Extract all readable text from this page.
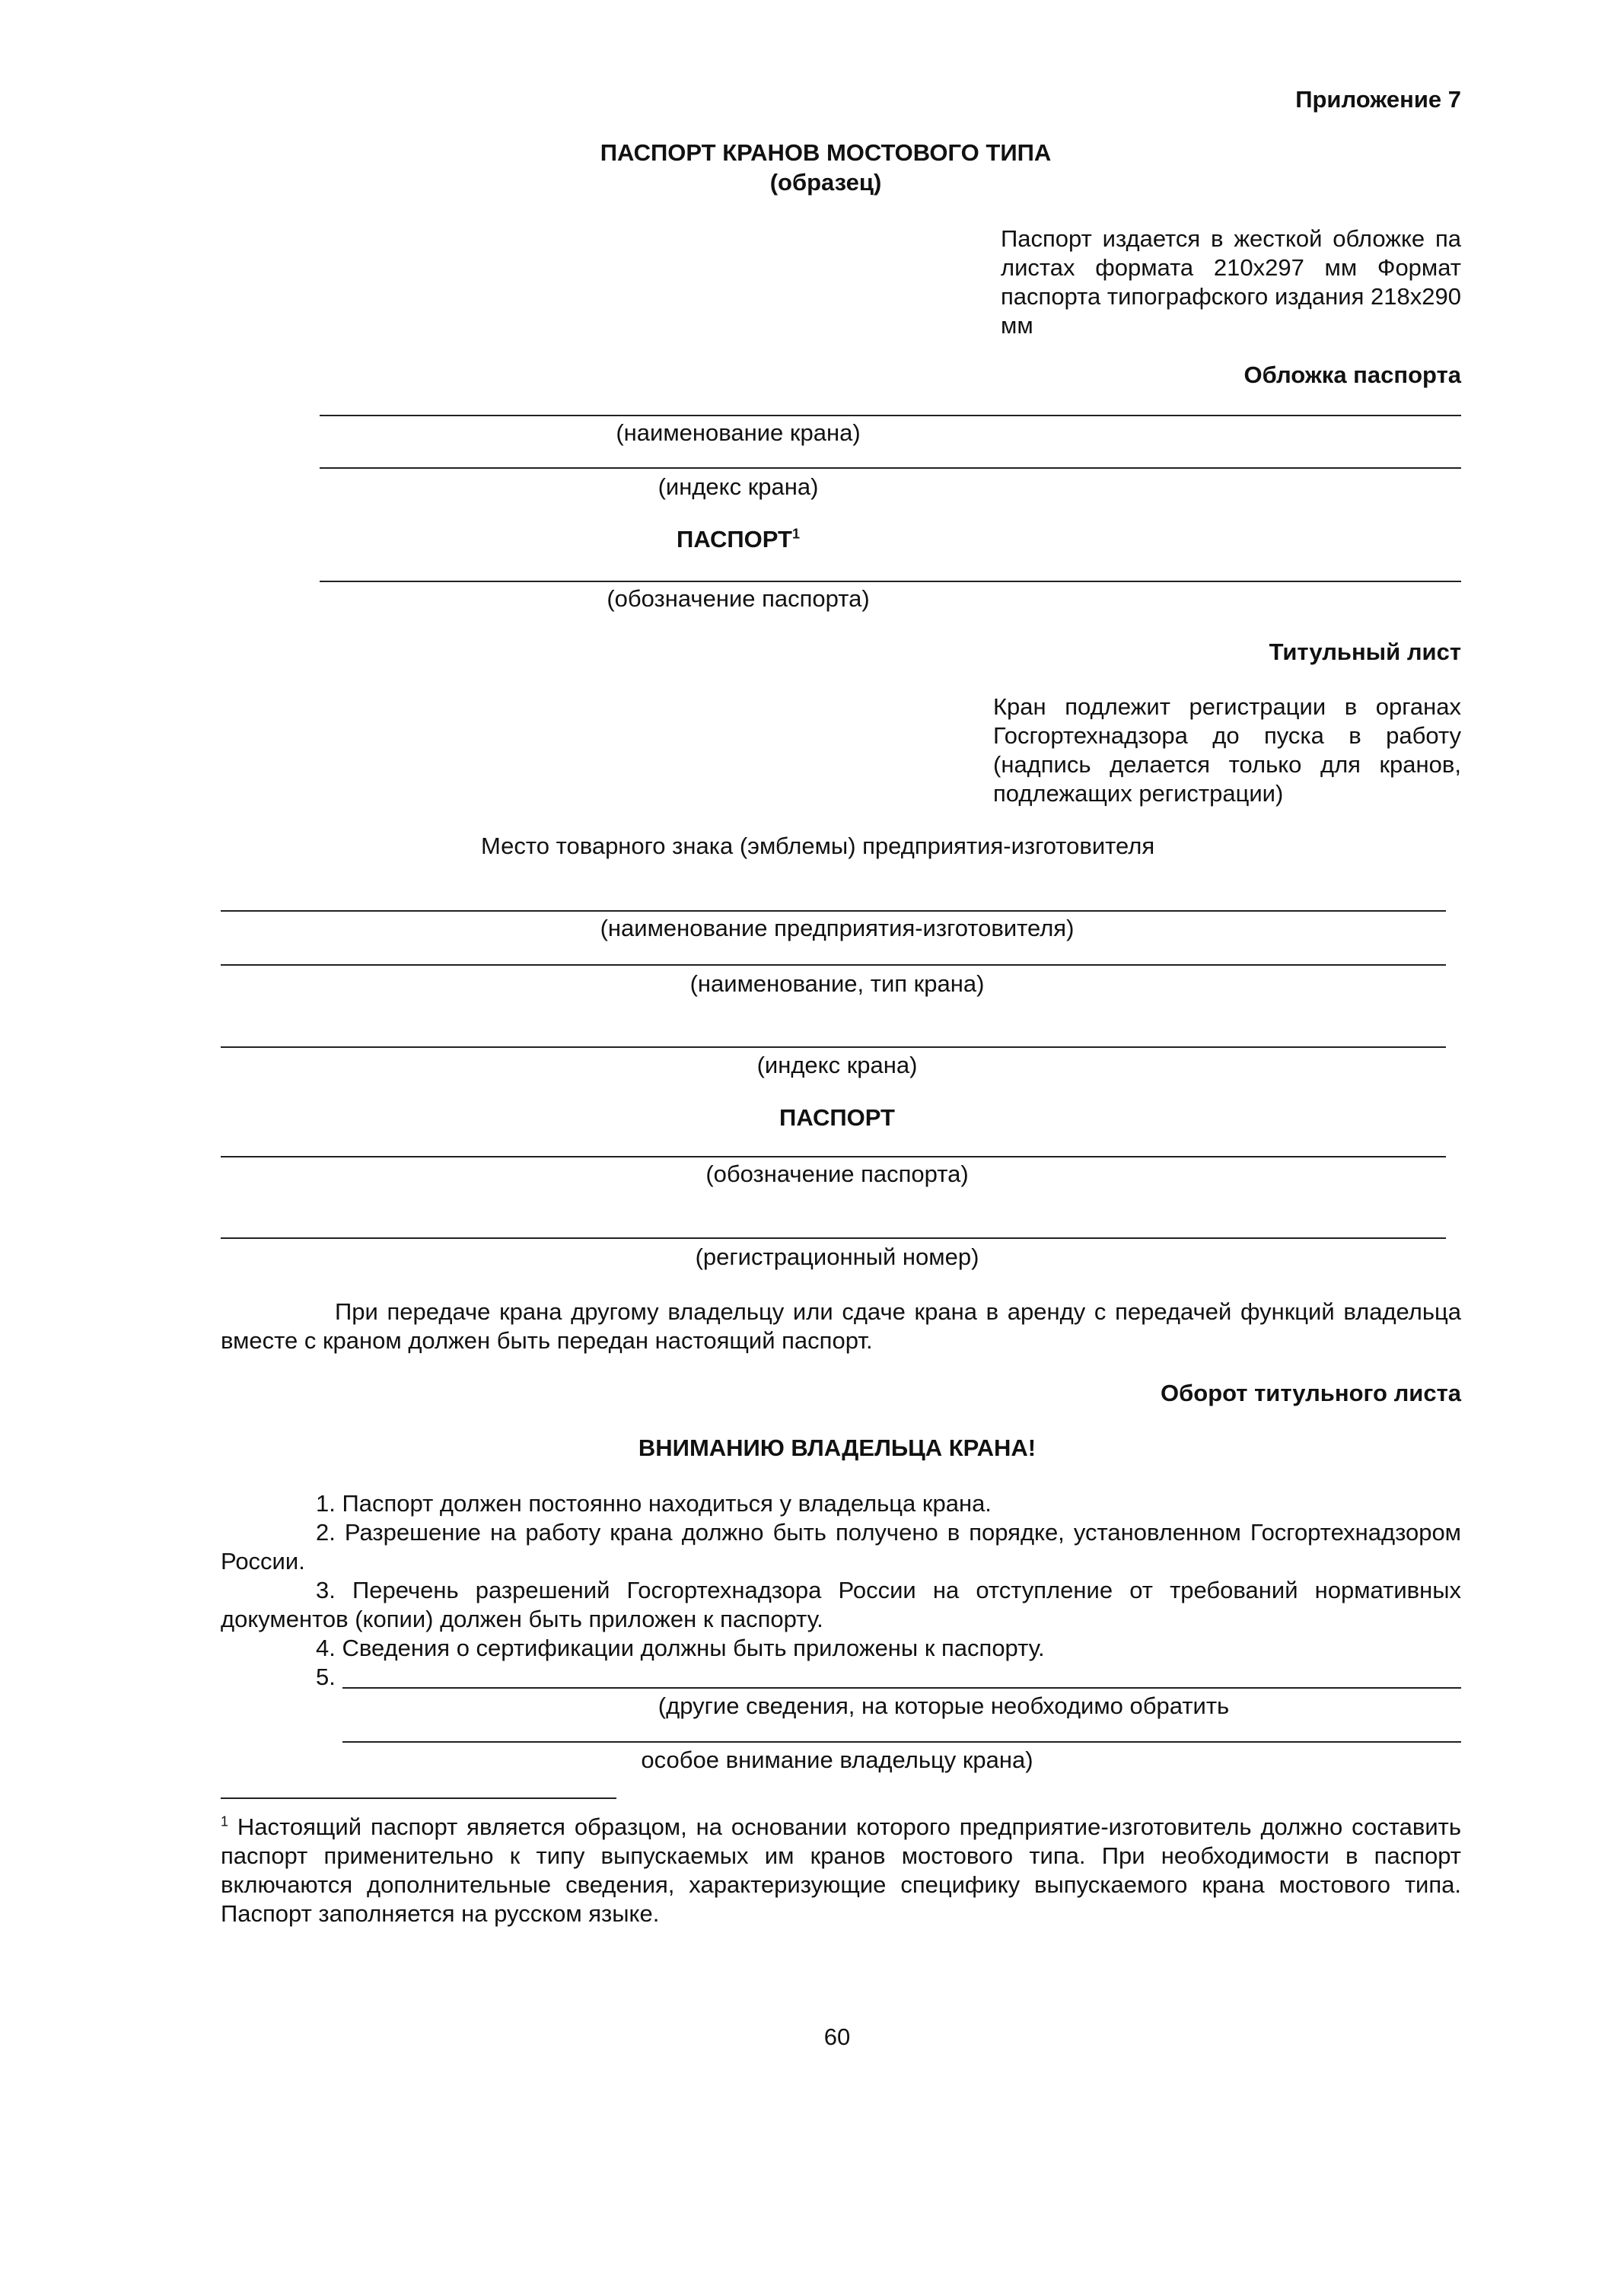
Приложение 7
ПАСПОРТ КРАНОВ МОСТОВОГО ТИПА
(образец)
Паспорт издается в жесткой обложке па листах формата 210x297 мм Формат паспорта типографского издания 218x290 мм
Обложка паспорта
(наименование крана)
(индекс крана)
ПАСПОРТ$^1$
(обозначение паспорта)
Титульный лист
Кран подлежит регистрации в органах Госгортехнадзора до пуска в работу (надпись делается только для кранов, подлежащих регистрации)
Место товарного знака (эмблемы) предприятия-изготовителя
(наименование предприятия-изготовителя)
(наименование, тип крана)
(индекс крана)
ПАСПОРТ
(обозначение паспорта)
(регистрационный номер)
При передаче крана другому владельцу или сдаче крана в аренду с передачей функций владельца вместе с краном должен быть передан настоящий паспорт.
Оборот титульного листа
ВНИМАНИЮ ВЛАДЕЛЬЦА КРАНА!
1. Паспорт должен постоянно находиться у владельца крана.
2. Разрешение на работу крана должно быть получено в порядке, установленном Госгортехнадзором России.
3. Перечень разрешений Госгортехнадзора России на отступление от требований нормативных документов (копии) должен быть приложен к паспорту.
4. Сведения о сертификации должны быть приложены к паспорту.
5.
(другие сведения, на которые необходимо обратить
особое внимание владельцу крана)
$^1$ Настоящий паспорт является образцом, на основании которого предприятие-изготовитель должно составить паспорт применительно к типу выпускаемых им кранов мостового типа. При необходимости в паспорт включаются дополнительные сведения, характеризующие специфику выпускаемого крана мостового типа. Паспорт заполняется на русском языке.
60
